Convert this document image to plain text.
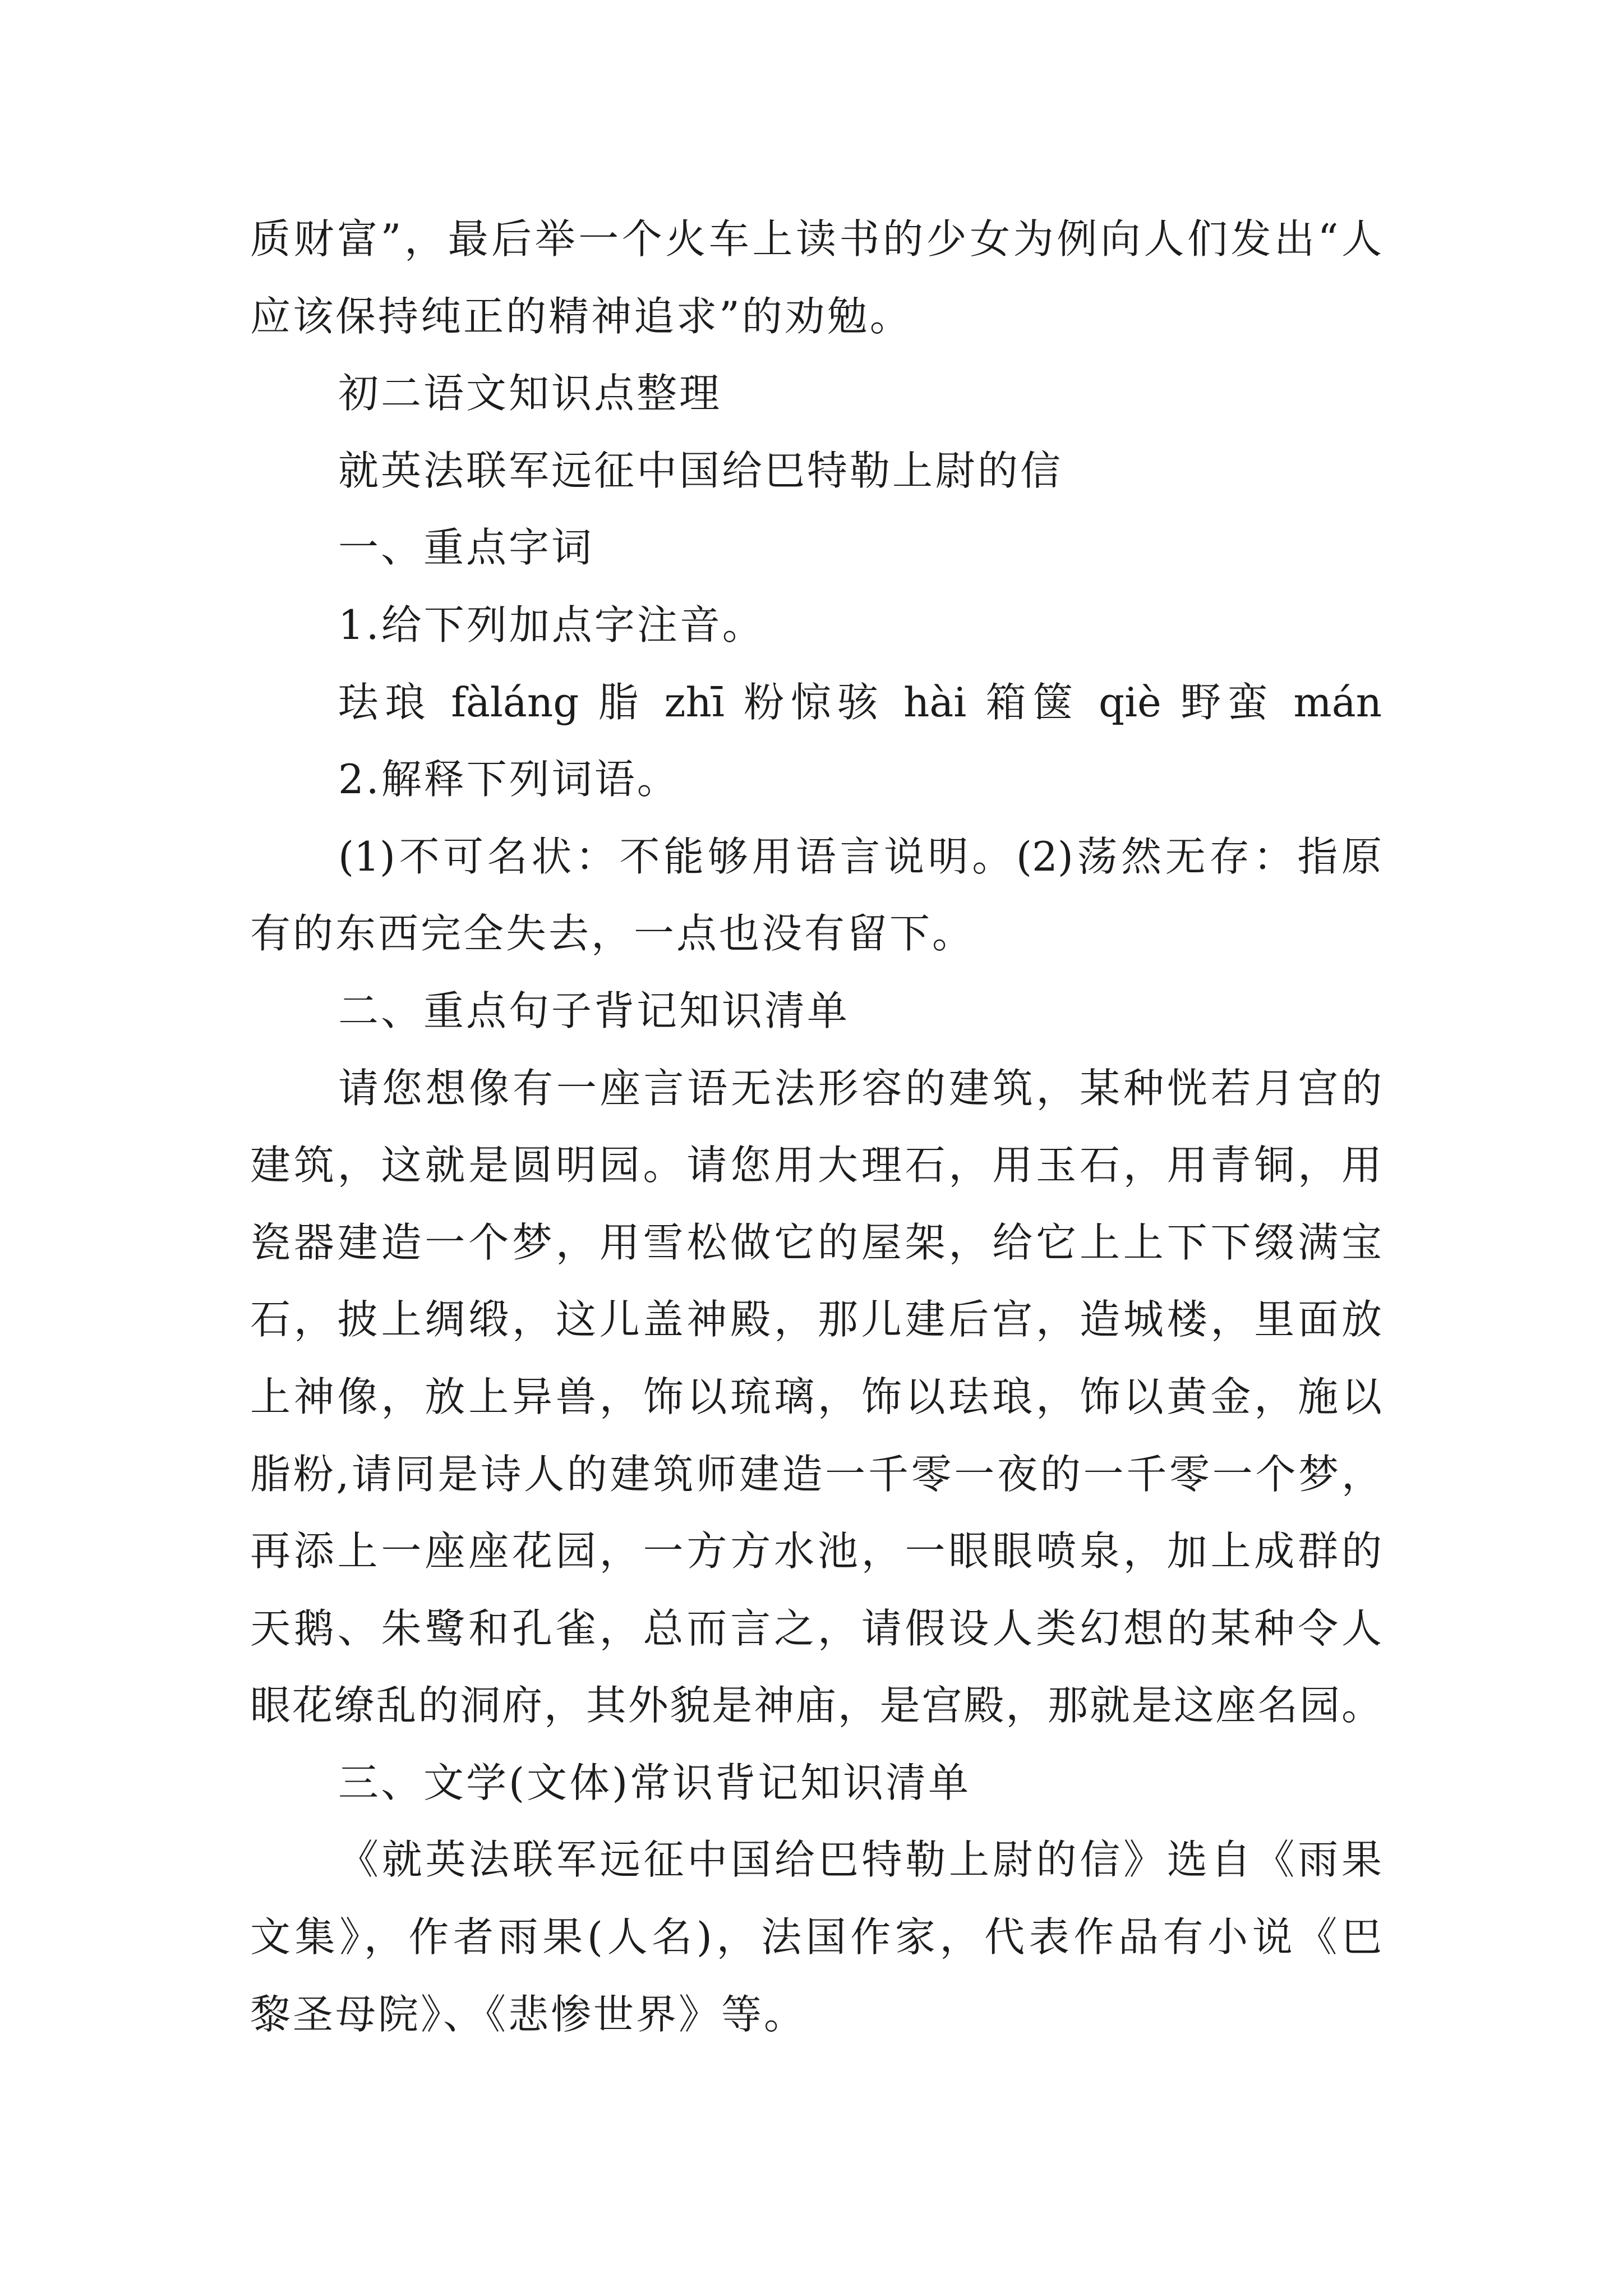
质财富”，最后举一个火车上读书的少女为例向人们发出“人
应该保持纯正的精神追求”的劝勉。
初二语文知识点整理
就英法联军远征中国给巴特勒上尉的信
一、重点字词
1.给下列加点字注音。
珐琅 fàláng 脂 zhī 粉惊骇 hài 箱箧 qiè 野蛮 mán
2.解释下列词语。
(1)不可名状：不能够用语言说明。(2)荡然无存：指原
有的东西完全失去，一点也没有留下。
二、重点句子背记知识清单
请您想像有一座言语无法形容的建筑，某种恍若月宫的
建筑，这就是圆明园。请您用大理石，用玉石，用青铜，用
瓷器建造一个梦，用雪松做它的屋架，给它上上下下缀满宝
石，披上绸缎，这儿盖神殿，那儿建后宫，造城楼，里面放
上神像，放上异兽，饰以琉璃，饰以珐琅，饰以黄金，施以
脂粉,请同是诗人的建筑师建造一千零一夜的一千零一个梦，
再添上一座座花园，一方方水池，一眼眼喷泉，加上成群的
天鹅、朱鹭和孔雀，总而言之，请假设人类幻想的某种令人
眼花缭乱的洞府，其外貌是神庙，是宫殿，那就是这座名园。
三、文学(文体)常识背记知识清单
《就英法联军远征中国给巴特勒上尉的信》选自《雨果
文集》，作者雨果(人名)，法国作家，代表作品有小说《巴
黎圣母院》、《悲惨世界》等。
